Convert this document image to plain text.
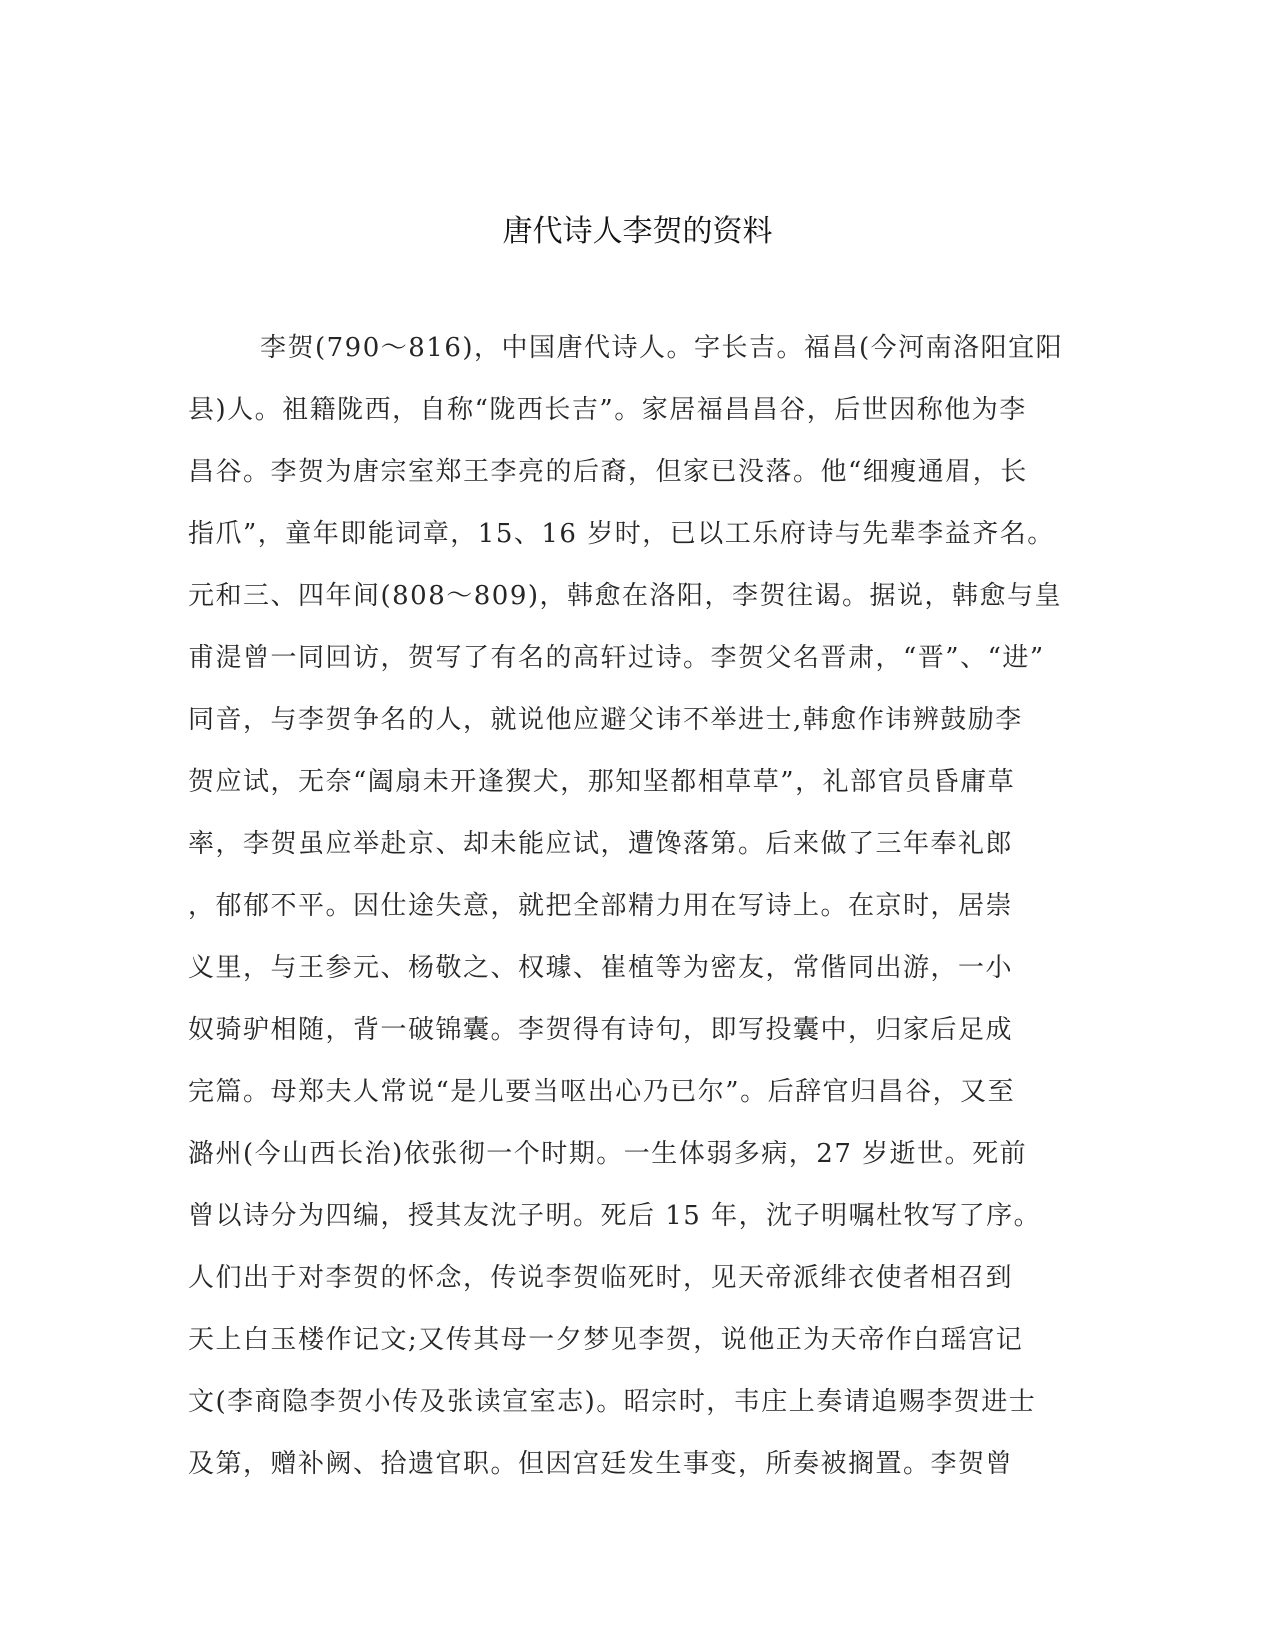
唐代诗人李贺的资料
李贺(790～816)，中国唐代诗人。字长吉。福昌(今河南洛阳宜阳
县)人。祖籍陇西，自称“陇西长吉”。家居福昌昌谷，后世因称他为李
昌谷。李贺为唐宗室郑王李亮的后裔，但家已没落。他“细瘦通眉，长
指爪”，童年即能词章，15、16 岁时，已以工乐府诗与先辈李益齐名。
元和三、四年间(808～809)，韩愈在洛阳，李贺往谒。据说，韩愈与皇
甫湜曾一同回访，贺写了有名的高轩过诗。李贺父名晋肃，“晋”、“进”
同音，与李贺争名的人，就说他应避父讳不举进士,韩愈作讳辨鼓励李
贺应试，无奈“阖扇未开逢猰犬，那知坚都相草草”，礼部官员昏庸草
率，李贺虽应举赴京、却未能应试，遭馋落第。后来做了三年奉礼郎
，郁郁不平。因仕途失意，就把全部精力用在写诗上。在京时，居崇
义里，与王参元、杨敬之、权璩、崔植等为密友，常偕同出游，一小
奴骑驴相随，背一破锦囊。李贺得有诗句，即写投囊中，归家后足成
完篇。母郑夫人常说“是儿要当呕出心乃已尔”。后辞官归昌谷，又至
潞州(今山西长治)依张彻一个时期。一生体弱多病，27 岁逝世。死前
曾以诗分为四编，授其友沈子明。死后 15 年，沈子明嘱杜牧写了序。
人们出于对李贺的怀念，传说李贺临死时，见天帝派绯衣使者相召到
天上白玉楼作记文;又传其母一夕梦见李贺，说他正为天帝作白瑶宫记
文(李商隐李贺小传及张读宣室志)。昭宗时，韦庄上奏请追赐李贺进士
及第，赠补阙、拾遗官职。但因宫廷发生事变，所奏被搁置。李贺曾
